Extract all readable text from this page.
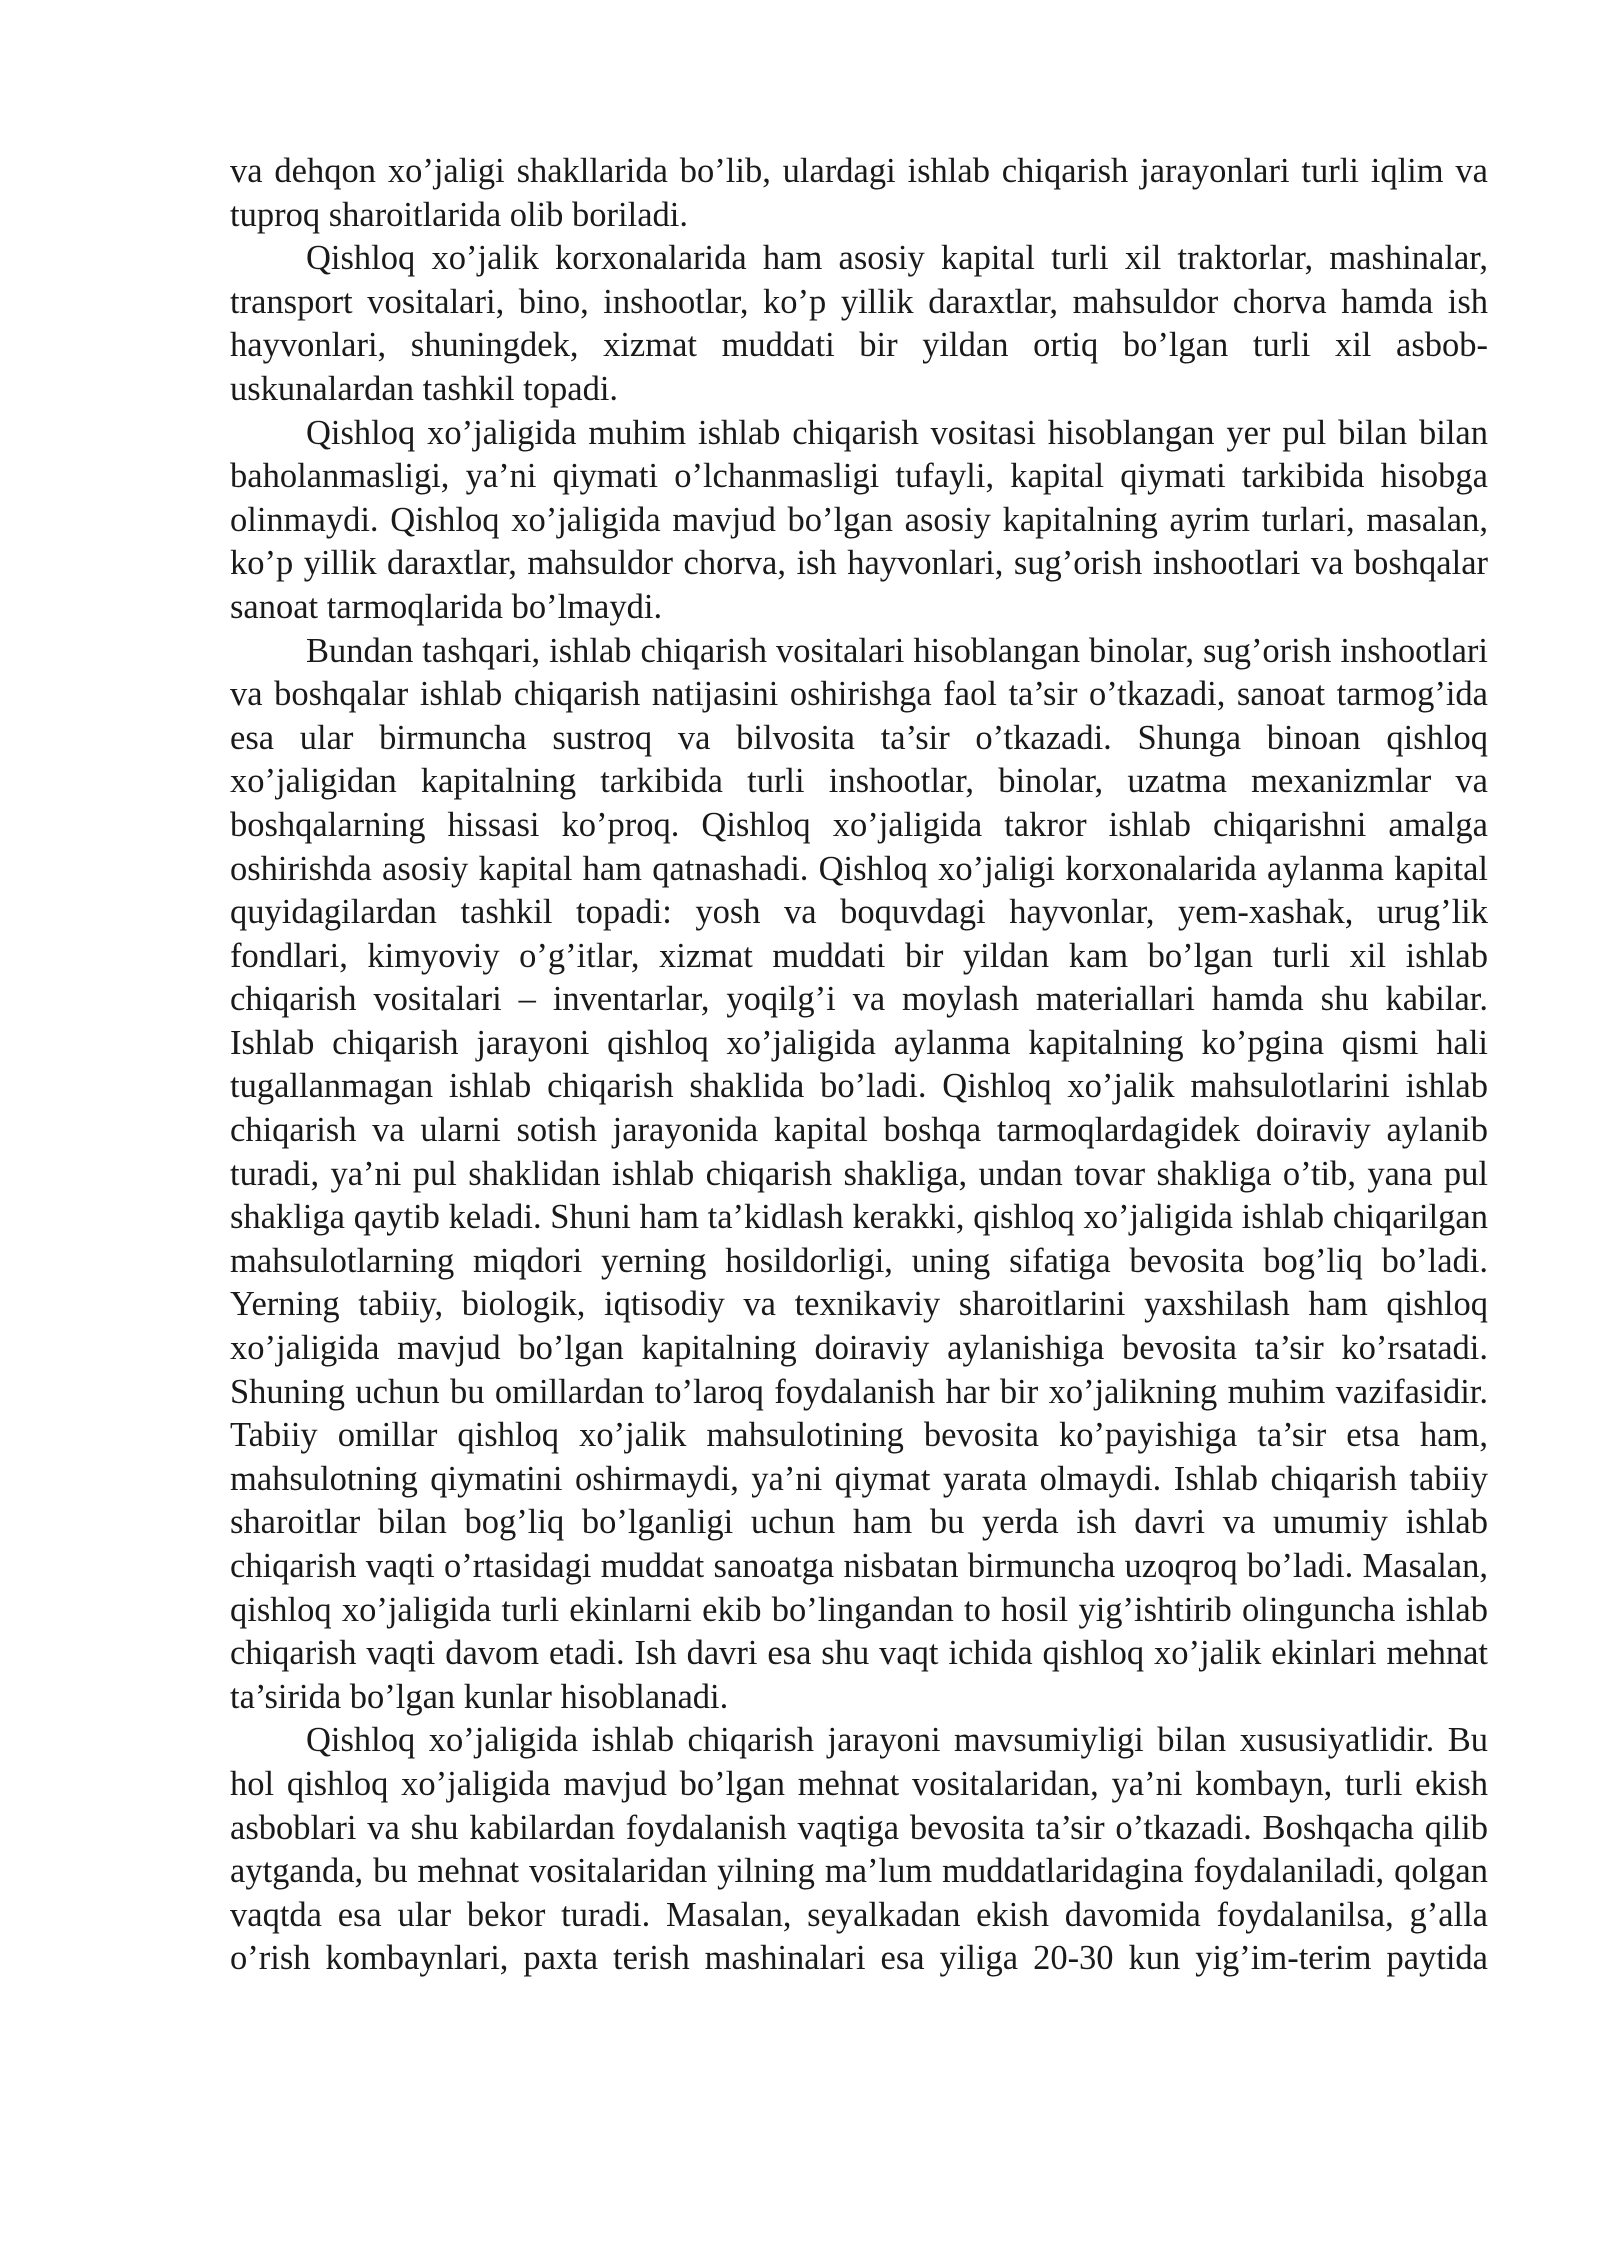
va dehqon xo’jaligi shakllarida bo’lib, ulardagi ishlab chiqarish jarayonlari turli iqlim va tuproq sharoitlarida olib boriladi.

Qishloq xo’jalik korxonalarida ham asosiy kapital turli xil traktorlar, mashinalar, transport vositalari, bino, inshootlar, ko’p yillik daraxtlar, mahsuldor chorva hamda ish hayvonlari, shuningdek, xizmat muddati bir yildan ortiq bo’lgan turli xil asbob-uskunalardan tashkil topadi.

Qishloq xo’jaligida muhim ishlab chiqarish vositasi hisoblangan yer pul bilan bilan baholanmasligi, ya’ni qiymati o’lchanmasligi tufayli, kapital qiymati tarkibida hisobga olinmaydi. Qishloq xo’jaligida mavjud bo’lgan asosiy kapitalning ayrim turlari, masalan, ko’p yillik daraxtlar, mahsuldor chorva, ish hayvonlari, sug’orish inshootlari va boshqalar sanoat tarmoqlarida bo’lmaydi.

Bundan tashqari, ishlab chiqarish vositalari hisoblangan binolar, sug’orish inshootlari va boshqalar ishlab chiqarish natijasini oshirishga faol ta’sir o’tkazadi, sanoat tarmog’ida esa ular birmuncha sustroq va bilvosita ta’sir o’tkazadi. Shunga binoan qishloq xo’jaligidan kapitalning tarkibida turli inshootlar, binolar, uzatma mexanizmlar va boshqalarning hissasi ko’proq. Qishloq xo’jaligida takror ishlab chiqarishni amalga oshirishda asosiy kapital ham qatnashadi. Qishloq xo’jaligi korxonalarida aylanma kapital quyidagilardan tashkil topadi: yosh va boquvdagi hayvonlar, yem-xashak, urug’lik fondlari, kimyoviy o’g’itlar, xizmat muddati bir yildan kam bo’lgan turli xil ishlab chiqarish vositalari – inventarlar, yoqilg’i va moylash materiallari hamda shu kabilar. Ishlab chiqarish jarayoni qishloq xo’jaligida aylanma kapitalning ko’pgina qismi hali tugallanmagan ishlab chiqarish shaklida bo’ladi. Qishloq xo’jalik mahsulotlarini ishlab chiqarish va ularni sotish jarayonida kapital boshqa tarmoqlardagidek doiraviy aylanib turadi, ya’ni pul shaklidan ishlab chiqarish shakliga, undan tovar shakliga o’tib, yana pul shakliga qaytib keladi. Shuni ham ta’kidlash kerakki, qishloq xo’jaligida ishlab chiqarilgan mahsulotlarning miqdori yerning hosildorligi, uning sifatiga bevosita bog’liq bo’ladi. Yerning tabiiy, biologik, iqtisodiy va texnikaviy sharoitlarini yaxshilash ham qishloq xo’jaligida mavjud bo’lgan kapitalning doiraviy aylanishiga bevosita ta’sir ko’rsatadi. Shuning uchun bu omillardan to’laroq foydalanish har bir xo’jalikning muhim vazifasidir. Tabiiy omillar qishloq xo’jalik mahsulotining bevosita ko’payishiga ta’sir etsa ham, mahsulotning qiymatini oshirmaydi, ya’ni qiymat yarata olmaydi. Ishlab chiqarish tabiiy sharoitlar bilan bog’liq bo’lganligi uchun ham bu yerda ish davri va umumiy ishlab chiqarish vaqti o’rtasidagi muddat sanoatga nisbatan birmuncha uzoqroq bo’ladi. Masalan, qishloq xo’jaligida turli ekinlarni ekib bo’lingandan to hosil yig’ishtirib olinguncha ishlab chiqarish vaqti davom etadi. Ish davri esa shu vaqt ichida qishloq xo’jalik ekinlari mehnat ta’sirida bo’lgan kunlar hisoblanadi.

Qishloq xo’jaligida ishlab chiqarish jarayoni mavsumiyligi bilan xususiyatlidir. Bu hol qishloq xo’jaligida mavjud bo’lgan mehnat vositalaridan, ya’ni kombayn, turli ekish asboblari va shu kabilardan foydalanish vaqtiga bevosita ta’sir o’tkazadi. Boshqacha qilib aytganda, bu mehnat vositalaridan yilning ma’lum muddatlaridagina foydalaniladi, qolgan vaqtda esa ular bekor turadi. Masalan, seyalkadan ekish davomida foydalanilsa, g’alla o’rish kombaynlari, paxta terish mashinalari esa yiliga 20-30 kun yig’im-terim paytida
